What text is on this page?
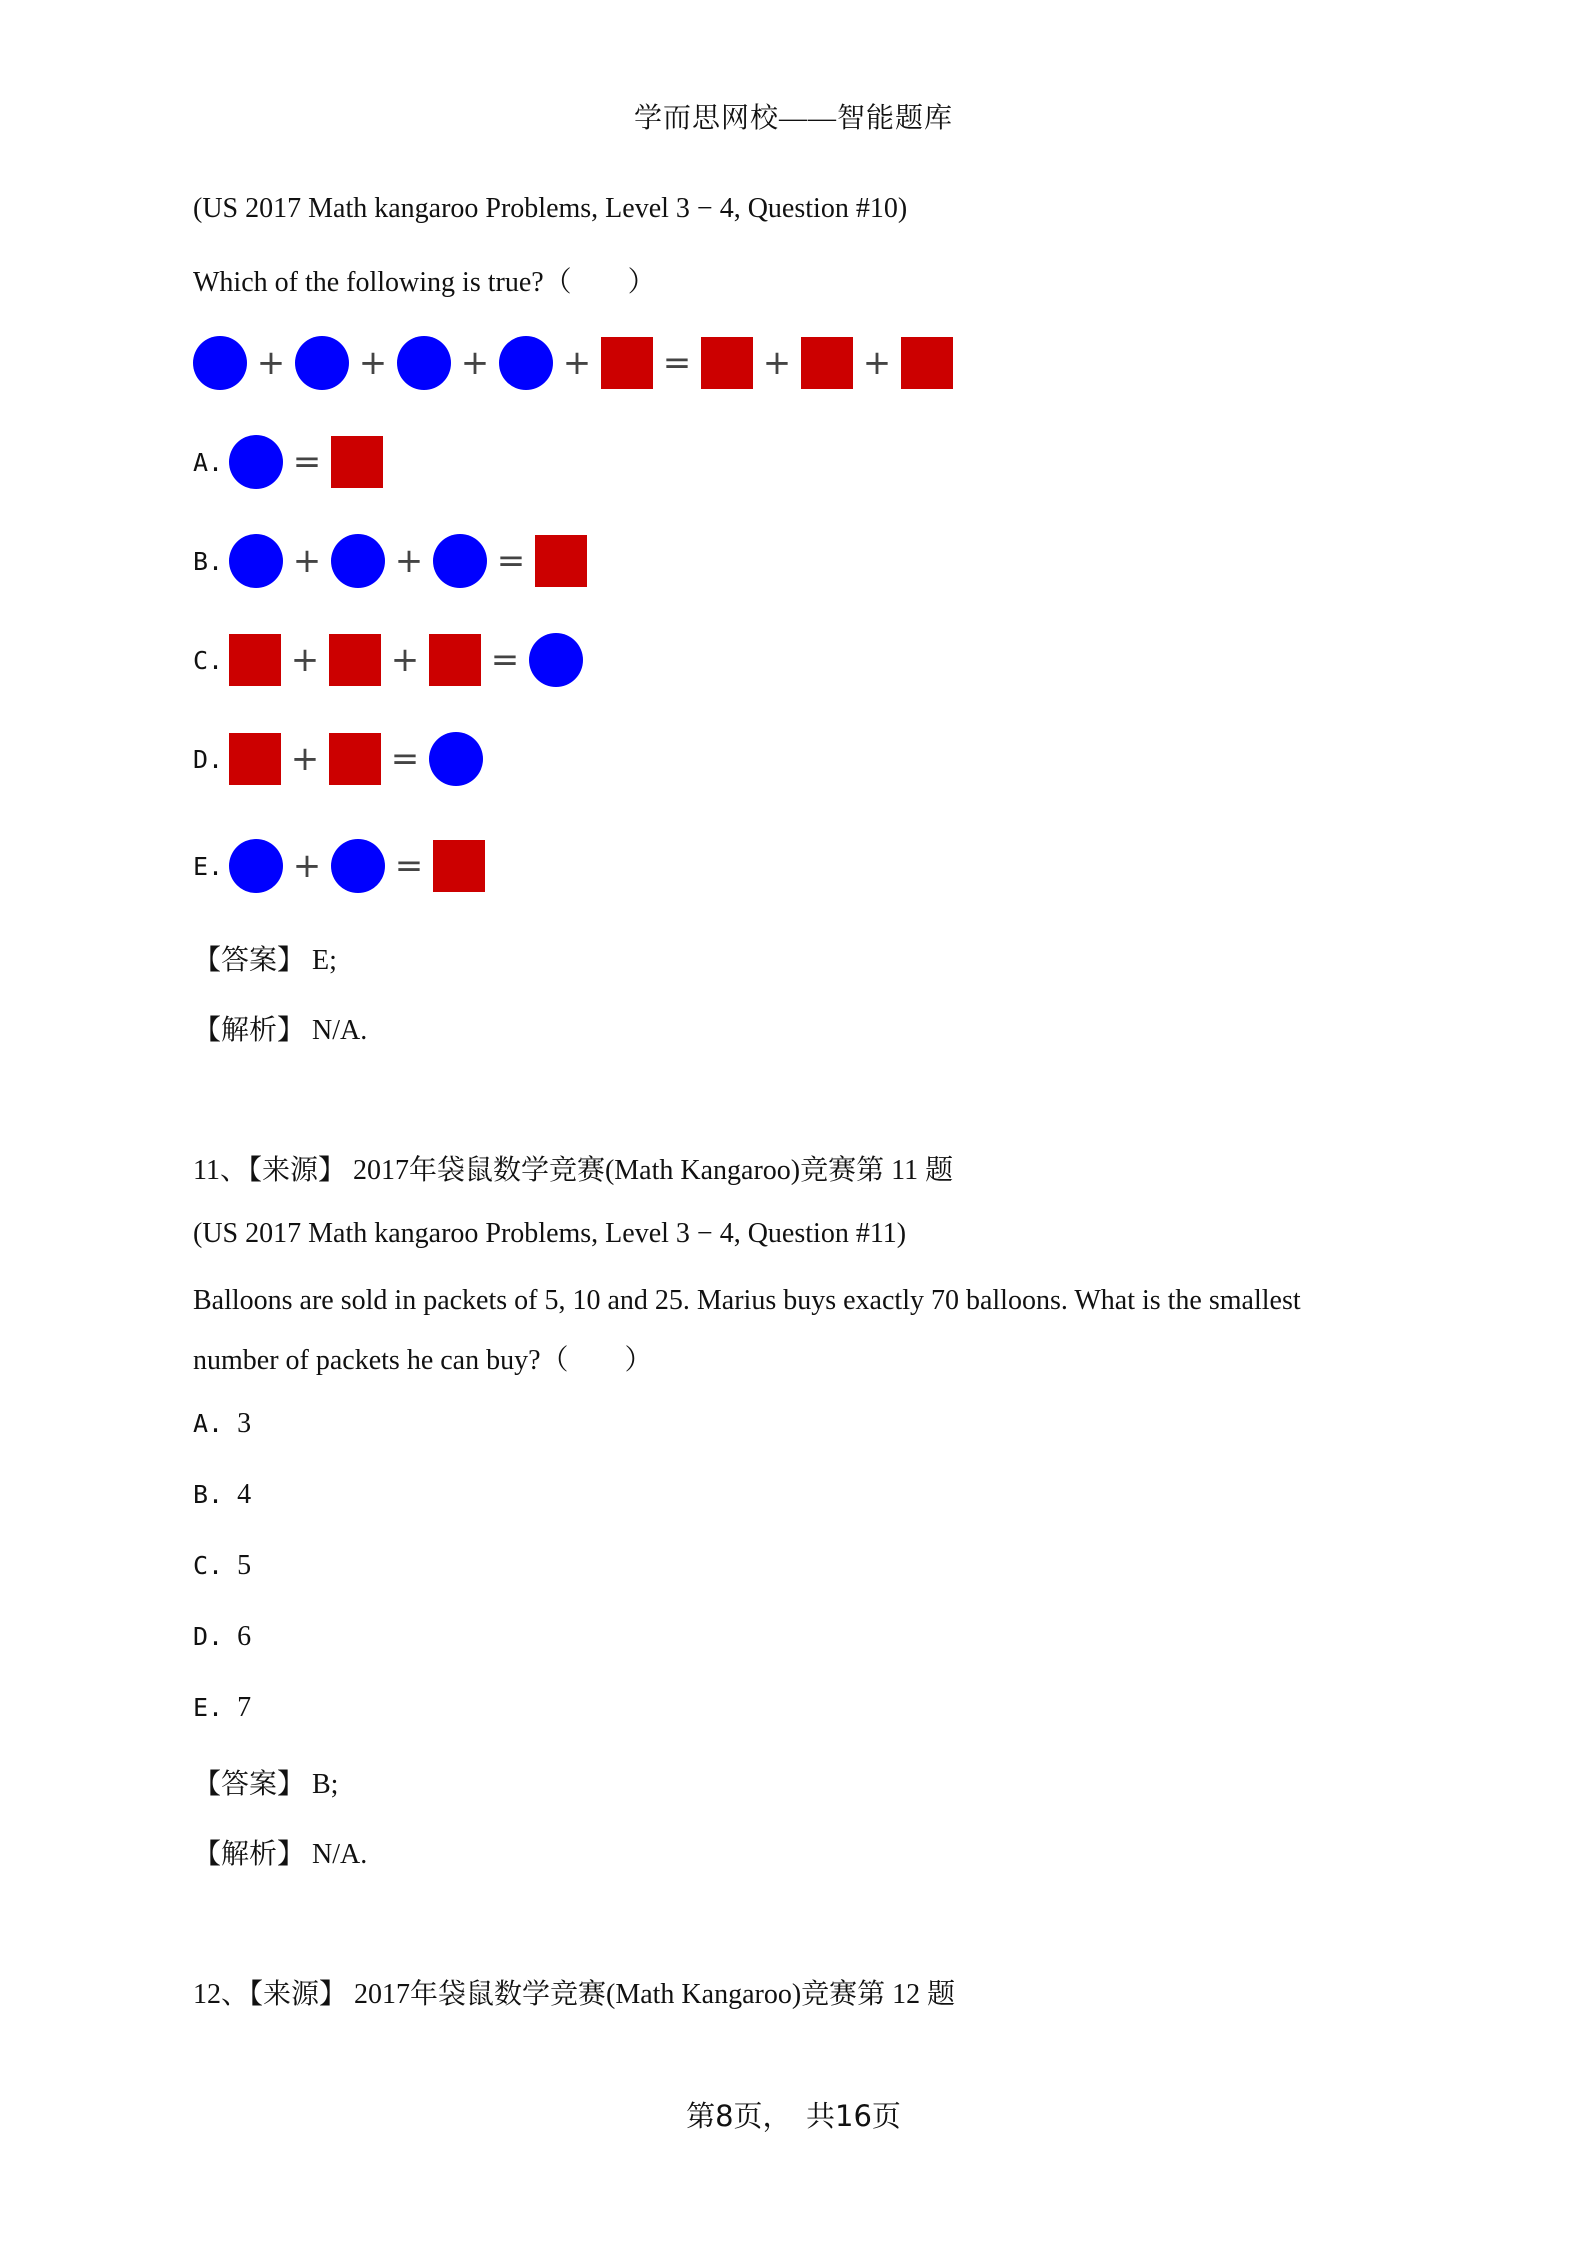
学而思网校——智能题库
(US 2017 Math kangaroo Problems, Level 3 − 4, Question #10)
Which of the following is true?（　　）
+ + + + = + +
A. =
B. + + =
C. + + =
D. + =
E. + =
【答案】 E;
【解析】 N/A.
11、【来源】 2017年袋鼠数学竞赛(Math Kangaroo)竞赛第 11 题
(US 2017 Math kangaroo Problems, Level 3 − 4, Question #11)
Balloons are sold in packets of 5, 10 and 25. Marius buys exactly 70 balloons. What is the smallest
number of packets he can buy?（　　）
A. 3
B. 4
C. 5
D. 6
E. 7
【答案】 B;
【解析】 N/A.
12、【来源】 2017年袋鼠数学竞赛(Math Kangaroo)竞赛第 12 题
第8页，　共16页
